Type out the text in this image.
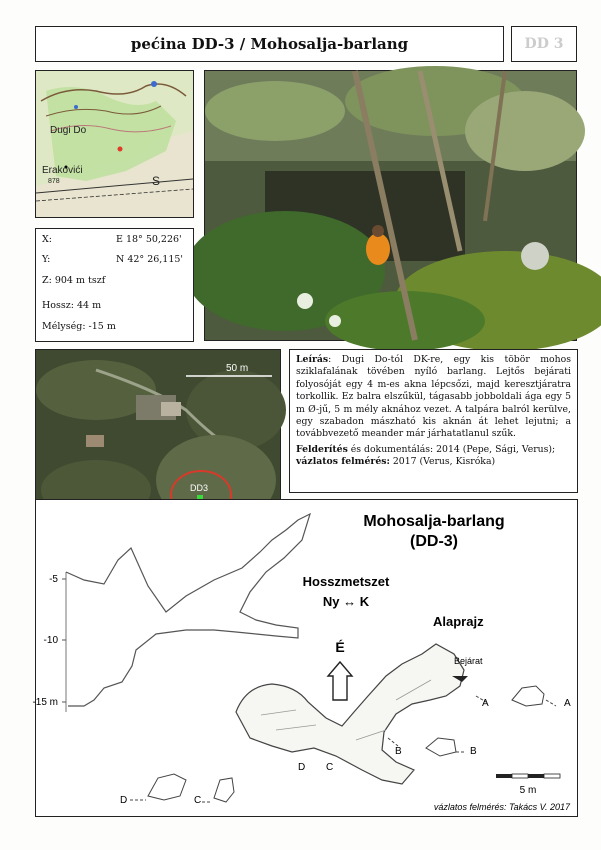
pećina DD-3 / Mohosalja-barlang	DD 3
Dugi Do
Erakovići
878	S
X:	E 18° 50,226'
Y:	N 42° 26,115'
Z: 904 m tszf
Hossz: 44 m
Mélység: -15 m
50 m
DD3
Leírás: Dugi Do-tól DK-re, egy kis töbör mohos sziklafalának tövében nyíló barlang. Lejtős bejárati folyosóját egy 4 m-es akna lépcsőzi, majd keresztjáratra torkollik. Ez balra elszűkül, tágasabb jobboldali ága egy 5 m Ø-jű, 5 m mély aknához vezet. A talpára balról kerülve, egy szabadon mászható kis aknán át lehet lejutni; a továbbvezető meander már járhatatlanul szűk.
Felderítés és dokumentálás: 2014 (Pepe, Sági, Verus);
vázlatos felmérés: 2017 (Verus, Kisróka)
Mohosalja-barlang
(DD-3)
Hosszmetszet
Ny ↔ K
Alaprajz
-5
-10
-15 m
É
Bejárat
A	A
B	B
C
D
D	C
5 m
vázlatos felmérés: Takács V. 2017
